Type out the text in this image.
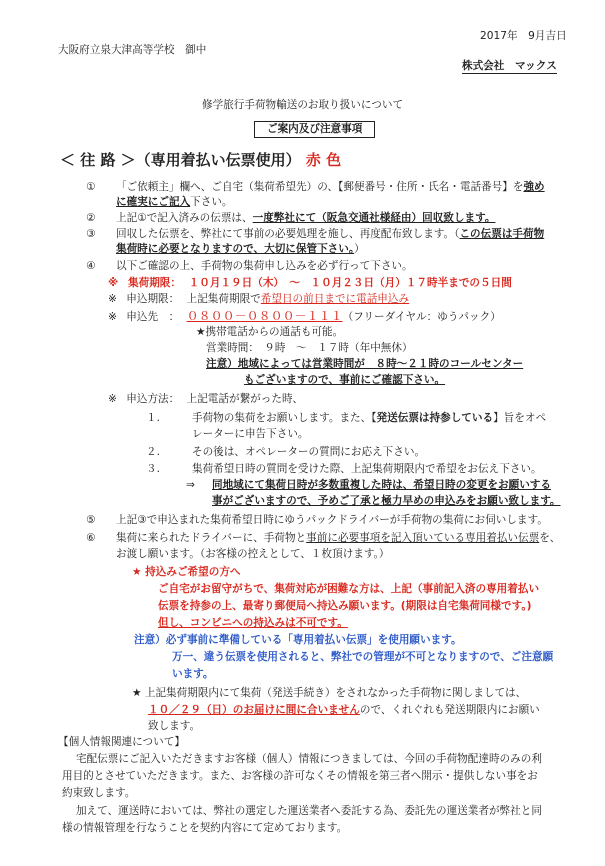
2017年　9月吉日
大阪府立泉大津高等学校　御中
株式会社　マックス
修学旅行手荷物輸送のお取り扱いについて
ご案内及び注意事項
＜ 往 路 ＞（専用着払い伝票使用） 赤 色
① 「ご依頼主」欄へ、ご自宅（集荷希望先）の、【郵便番号・住所・氏名・電話番号】を強め
に確実にご記入下さい。
② 上記①で記入済みの伝票は、一度弊社にて（阪急交通社様経由）回収致します。
③ 回収した伝票を、弊社にて事前の必要処理を施し、再度配布致します。（この伝票は手荷物
集荷時に必要となりますので、大切に保管下さい。）
④ 以下ご確認の上、手荷物の集荷申し込みを必ず行って下さい。
※ 集荷期限： １０月１９日（木）　～　１０月２３日（月）１７時半までの５日間
※ 申込期限： 上記集荷期限で希望日の前日までに電話申込み
※ 申込先　： ０８００－０８００－１１１（フリーダイヤル：ゆうパック）
★携帯電話からの通話も可能。
営業時間：　９時　～　１７時（年中無休）
注意）地域によっては営業時間が　８時～２１時のコールセンター
もございますので、事前にご確認下さい。
※ 申込方法： 上記電話が繋がった時、
１.	手荷物の集荷をお願いします。また、【発送伝票は持参している】旨をオペ
レーターに申告下さい。
２.	その後は、オペレーターの質問にお応え下さい。
３.	集荷希望日時の質問を受けた際、上記集荷期限内で希望をお伝え下さい。
⇒ 同地域にて集荷日時が多数重複した時は、希望日時の変更をお願いする
事がございますので、予めご了承と極力早めの申込みをお願い致します。
⑤ 上記③で申込まれた集荷希望日時にゆうパックドライバーが手荷物の集荷にお伺いします。
⑥ 集荷に来られたドライバーに、手荷物と事前に必要事項を記入頂いている専用着払い伝票を、
お渡し願います。（お客様の控えとして、１枚頂けます。）
★ 持込みご希望の方へ
ご自宅がお留守がちで、集荷対応が困難な方は、上記（事前記入済の専用着払い
伝票を持参の上、最寄り郵便局へ持込み願います。(期限は自宅集荷同様です。)
但し、コンビニへの持込みは不可です。
注意）必ず事前に準備している「専用着払い伝票」を使用願います。
万一、違う伝票を使用されると、弊社での管理が不可となりますので、ご注意願
います。
★ 上記集荷期限内にて集荷（発送手続き）をされなかった手荷物に関しましては、
１０／２９（日）のお届けに間に合いませんので、くれぐれも発送期限内にお願い
致します。
【個人情報関連について】
宅配伝票にご記入いただきますお客様（個人）情報につきましては、今回の手荷物配達時のみの利
用目的とさせていただきます。また、お客様の許可なくその情報を第三者へ開示・提供しない事をお
約束致します。
加えて、運送時においては、弊社の選定した運送業者へ委託する為、委託先の運送業者が弊社と同
様の情報管理を行なうことを契約内容にて定めております。
